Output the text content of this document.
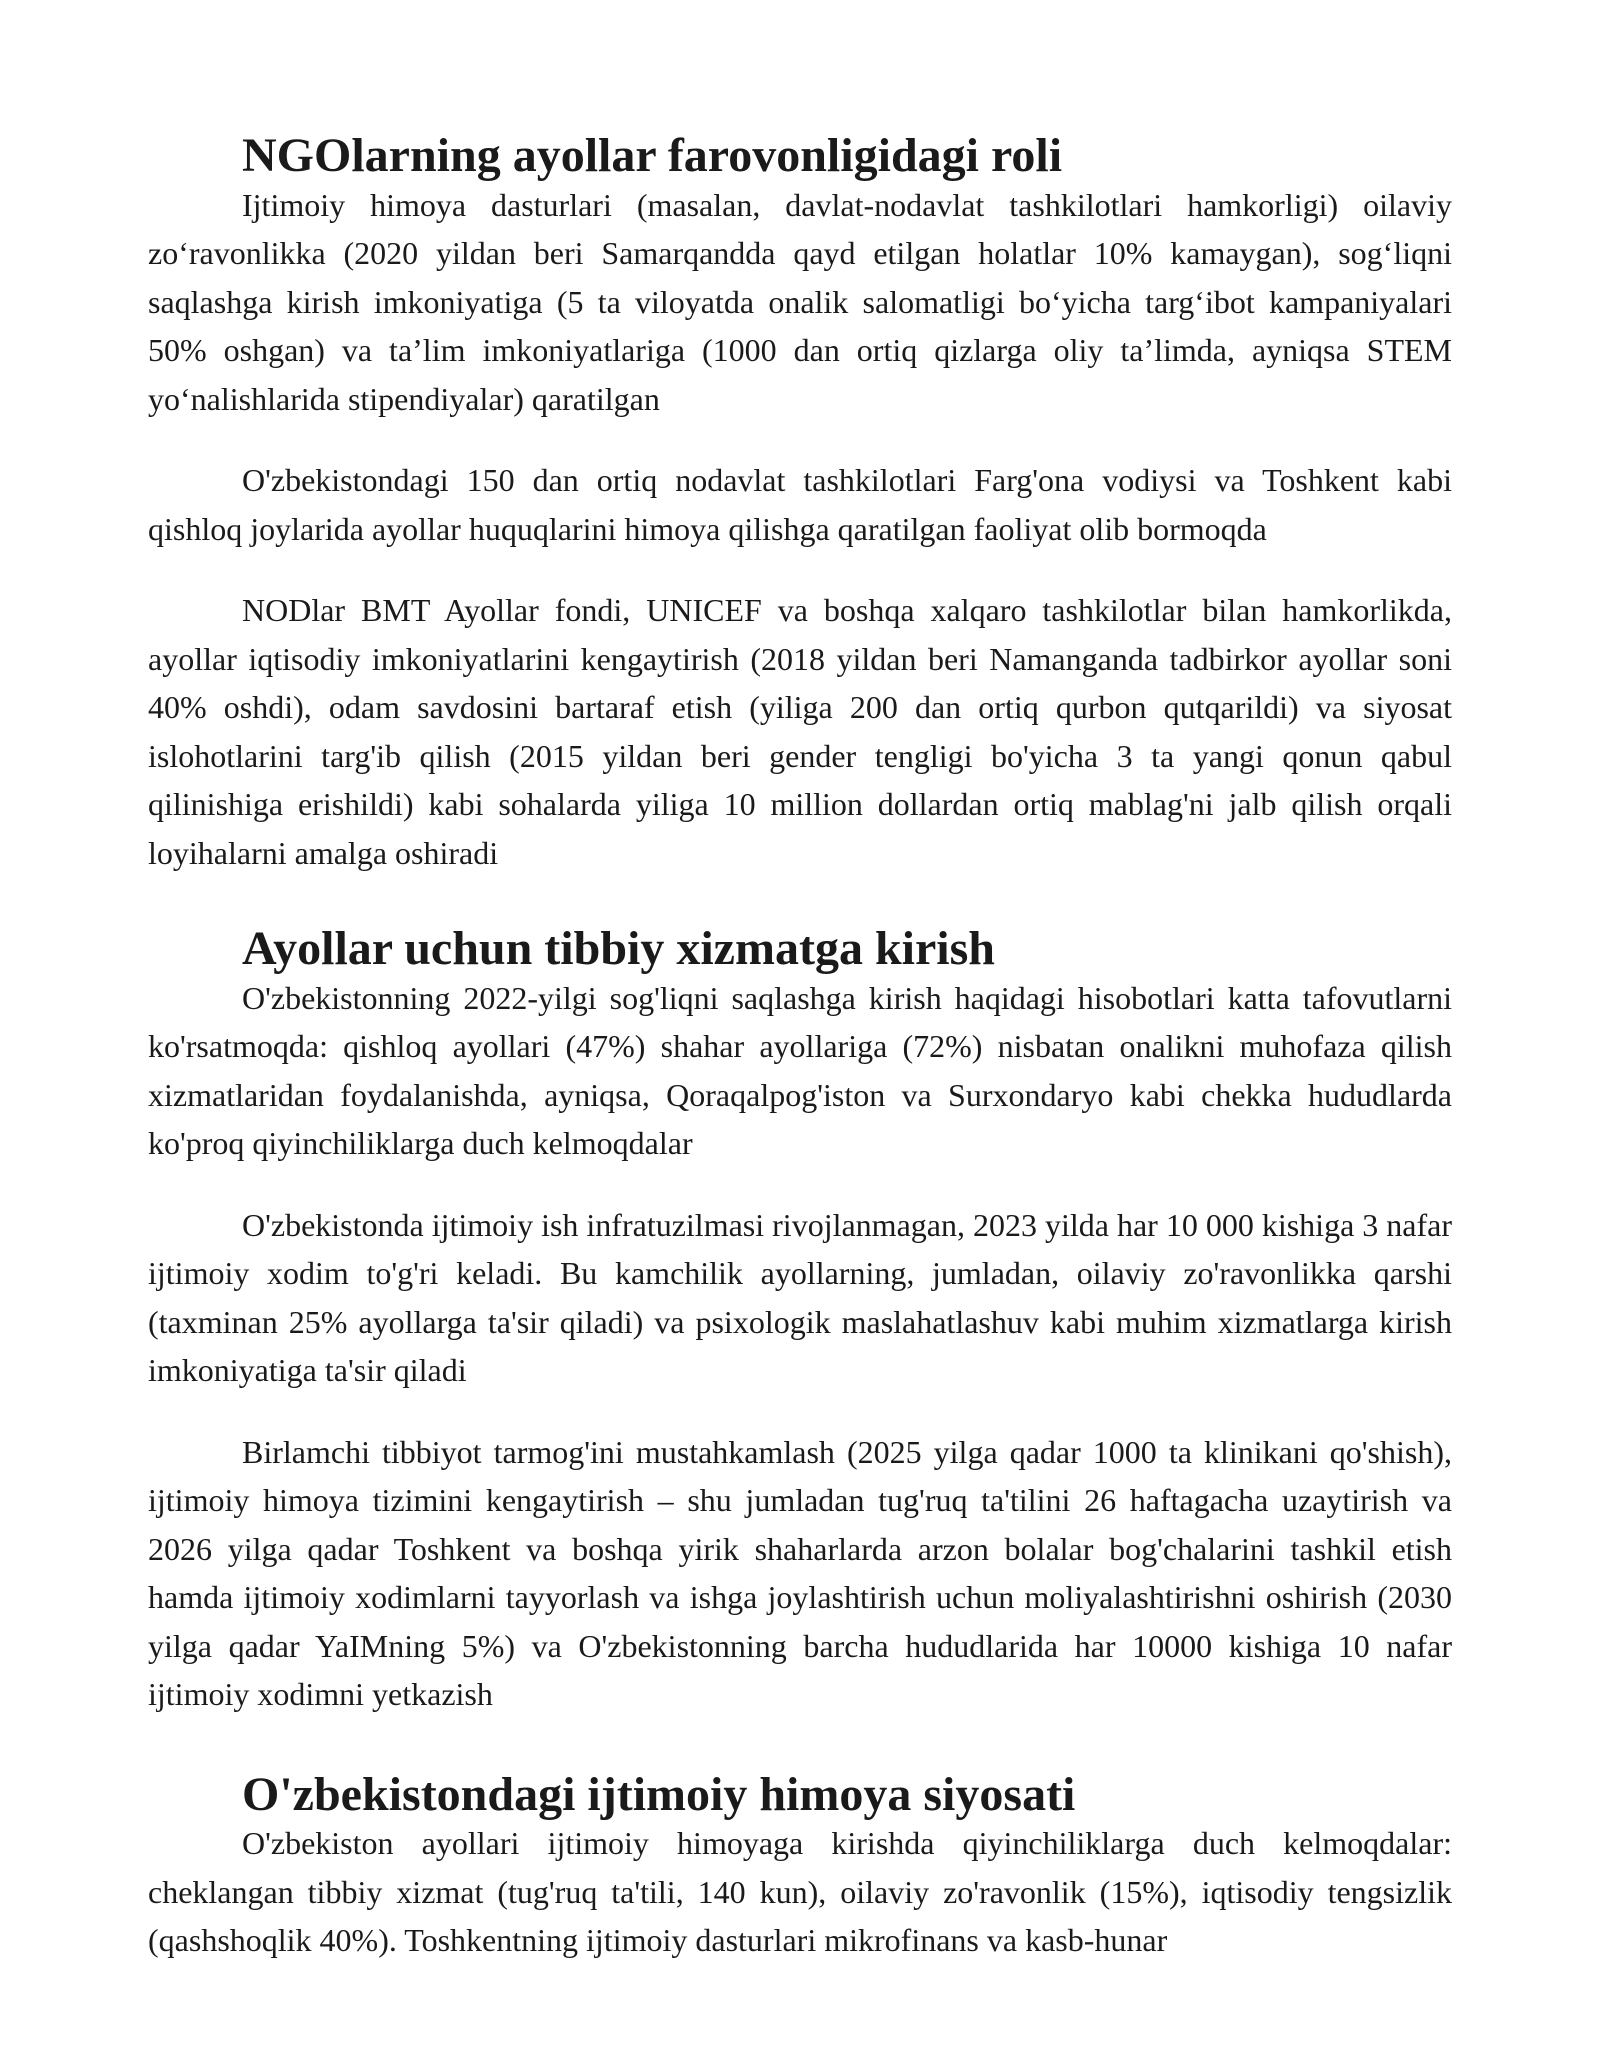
NGOlarning ayollar farovonligidagi roli

Ijtimoiy himoya dasturlari (masalan, davlat-nodavlat tashkilotlari hamkorligi) oilaviy zo‘ravonlikka (2020 yildan beri Samarqandda qayd etilgan holatlar 10% kamaygan), sog‘liqni saqlashga kirish imkoniyatiga (5 ta viloyatda onalik salomatligi bo‘yicha targ‘ibot kampaniyalari 50% oshgan) va ta’lim imkoniyatlariga (1000 dan ortiq qizlarga oliy ta’limda, ayniqsa STEM yo‘nalishlarida stipendiyalar) qaratilgan

O'zbekistondagi 150 dan ortiq nodavlat tashkilotlari Farg'ona vodiysi va Toshkent kabi qishloq joylarida ayollar huquqlarini himoya qilishga qaratilgan faoliyat olib bormoqda

NODlar BMT Ayollar fondi, UNICEF va boshqa xalqaro tashkilotlar bilan hamkorlikda, ayollar iqtisodiy imkoniyatlarini kengaytirish (2018 yildan beri Namanganda tadbirkor ayollar soni 40% oshdi), odam savdosini bartaraf etish (yiliga 200 dan ortiq qurbon qutqarildi) va siyosat islohotlarini targ'ib qilish (2015 yildan beri gender tengligi bo'yicha 3 ta yangi qonun qabul qilinishiga erishildi) kabi sohalarda yiliga 10 million dollardan ortiq mablag'ni jalb qilish orqali loyihalarni amalga oshiradi

Ayollar uchun tibbiy xizmatga kirish

O'zbekistonning 2022-yilgi sog'liqni saqlashga kirish haqidagi hisobotlari katta tafovutlarni ko'rsatmoqda: qishloq ayollari (47%) shahar ayollariga (72%) nisbatan onalikni muhofaza qilish xizmatlaridan foydalanishda, ayniqsa, Qoraqalpog'iston va Surxondaryo kabi chekka hududlarda ko'proq qiyinchiliklarga duch kelmoqdalar

O'zbekistonda ijtimoiy ish infratuzilmasi rivojlanmagan, 2023 yilda har 10 000 kishiga 3 nafar ijtimoiy xodim to'g'ri keladi. Bu kamchilik ayollarning, jumladan, oilaviy zo'ravonlikka qarshi (taxminan 25% ayollarga ta'sir qiladi) va psixologik maslahatlashuv kabi muhim xizmatlarga kirish imkoniyatiga ta'sir qiladi

Birlamchi tibbiyot tarmog'ini mustahkamlash (2025 yilga qadar 1000 ta klinikani qo'shish), ijtimoiy himoya tizimini kengaytirish – shu jumladan tug'ruq ta'tilini 26 haftagacha uzaytirish va 2026 yilga qadar Toshkent va boshqa yirik shaharlarda arzon bolalar bog'chalarini tashkil etish hamda ijtimoiy xodimlarni tayyorlash va ishga joylashtirish uchun moliyalashtirishni oshirish (2030 yilga qadar YaIMning 5%) va O'zbekistonning barcha hududlarida har 10000 kishiga 10 nafar ijtimoiy xodimni yetkazish

O'zbekistondagi ijtimoiy himoya siyosati

O'zbekiston ayollari ijtimoiy himoyaga kirishda qiyinchiliklarga duch kelmoqdalar: cheklangan tibbiy xizmat (tug'ruq ta'tili, 140 kun), oilaviy zo'ravonlik (15%), iqtisodiy tengsizlik (qashshoqlik 40%). Toshkentning ijtimoiy dasturlari mikrofinans va kasb-hunar
